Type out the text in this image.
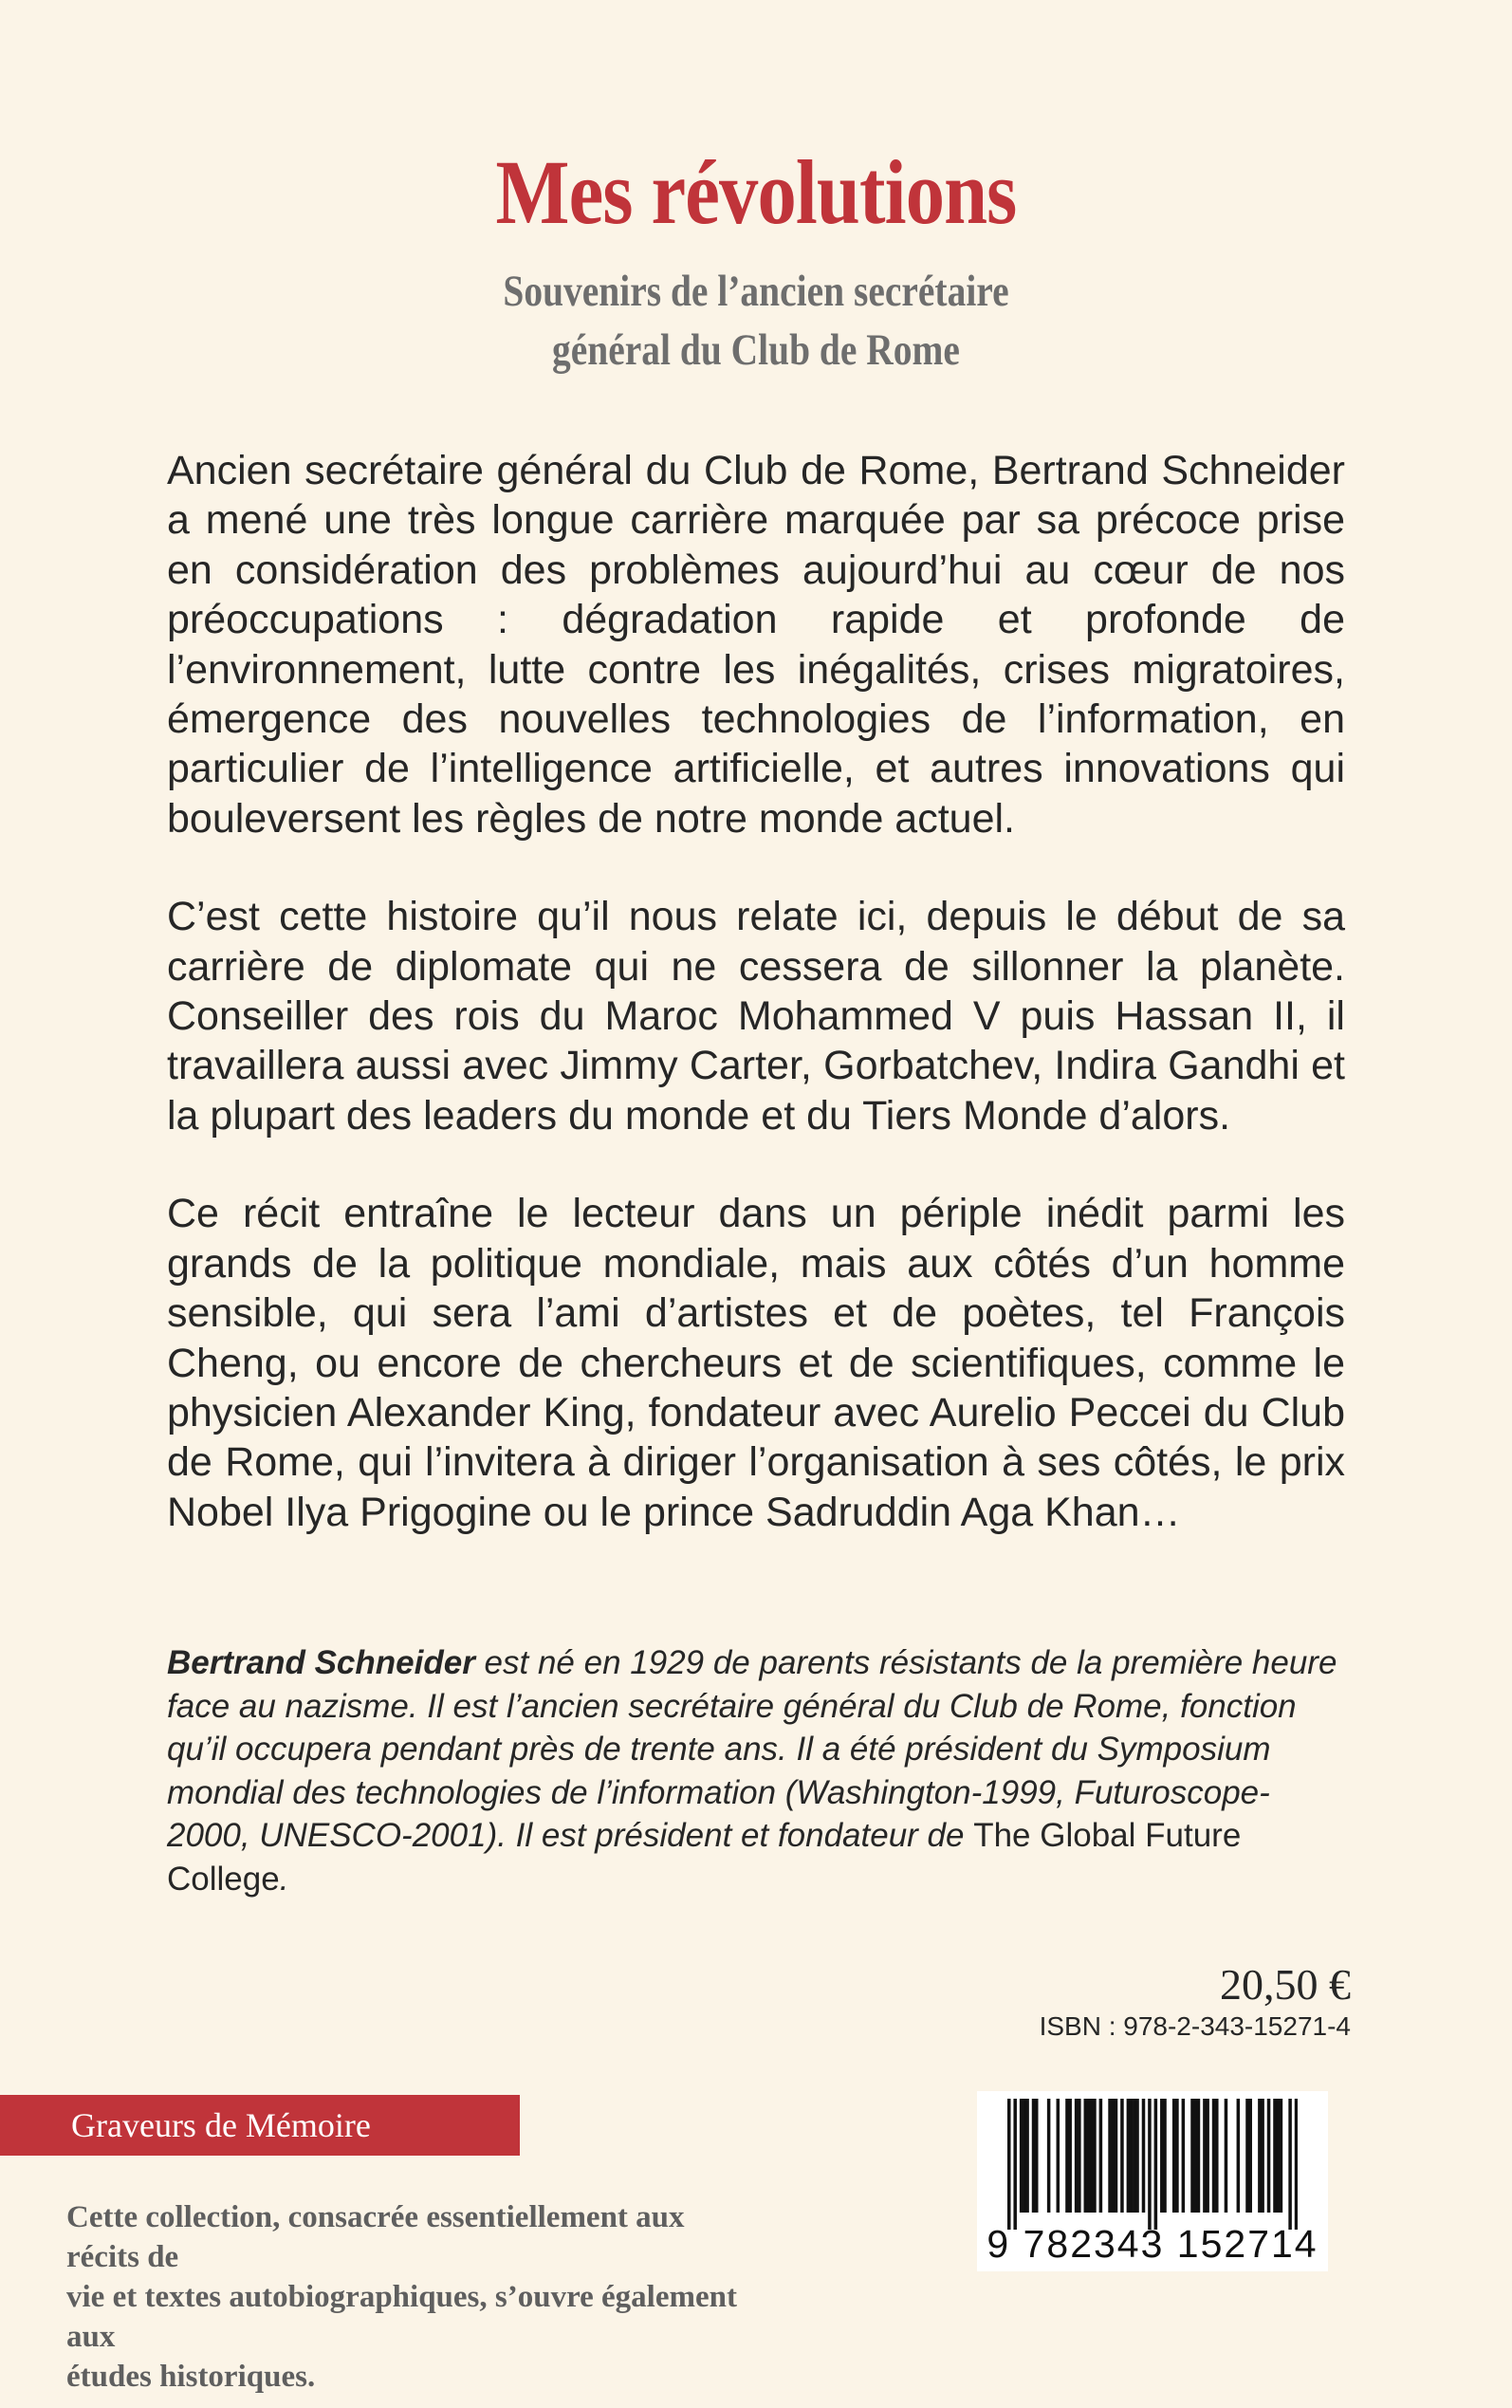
Mes révolutions
Souvenirs de l’ancien secrétaire
général du Club de Rome

Ancien secrétaire général du Club de Rome, Bertrand Schneider a mené une très longue carrière marquée par sa précoce prise en considération des problèmes aujourd’hui au cœur de nos préoccupations : dégradation rapide et profonde de l’environnement, lutte contre les inégalités, crises migratoires, émergence des nouvelles technologies de l’information, en particulier de l’intelligence artificielle, et autres innovations qui bouleversent les règles de notre monde actuel.

C’est cette histoire qu’il nous relate ici, depuis le début de sa carrière de diplomate qui ne cessera de sillonner la planète. Conseiller des rois du Maroc Mohammed V puis Hassan II, il travaillera aussi avec Jimmy Carter, Gorbatchev, Indira Gandhi et la plupart des leaders du monde et du Tiers Monde d’alors.

Ce récit entraîne le lecteur dans un périple inédit parmi les grands de la politique mondiale, mais aux côtés d’un homme sensible, qui sera l’ami d’artistes et de poètes, tel François Cheng, ou encore de chercheurs et de scientifiques, comme le physicien Alexander King, fondateur avec Aurelio Peccei du Club de Rome, qui l’invitera à diriger l’organisation à ses côtés, le prix Nobel Ilya Prigogine ou le prince Sadruddin Aga Khan…

Bertrand Schneider est né en 1929 de parents résistants de la première heure face au nazisme. Il est l’ancien secrétaire général du Club de Rome, fonction qu’il occupera pendant près de trente ans. Il a été président du Symposium mondial des technologies de l’information (Washington-1999, Futuroscope-2000, UNESCO-2001). Il est président et fondateur de The Global Future College.
20,50 €
ISBN : 978-2-343-15271-4
Graveurs de Mémoire
Cette collection, consacrée essentiellement aux récits de
vie et textes autobiographiques, s’ouvre également aux
études historiques.
9 782343 152714
